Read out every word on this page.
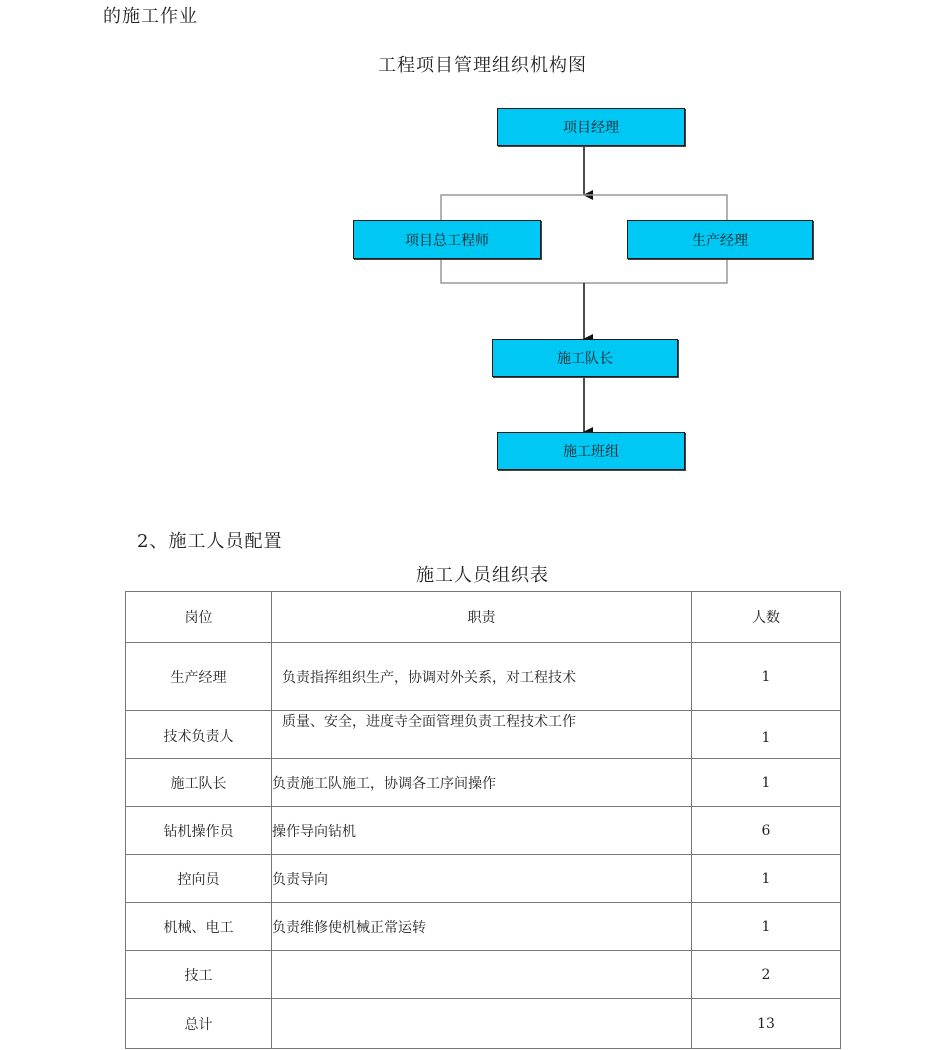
的施工作业
工程项目管理组织机构图
项目经理
项目总工程师	生产经理
施工队长
施工班组
2、施工人员配置
施工人员组织表
岗位	职责	人数
生产经理	负责指挥组织生产，协调对外关系，对工程技术	1
技术负责人	质量、安全，进度寺全面管理负责工程技术工作	1
施工队长	负责施工队施工，协调各工序间操作	1
钻机操作员	操作导向钻机	6
控向员	负责导向	1
机械、电工	负责维修使机械正常运转	1
技工		2
总计		13
